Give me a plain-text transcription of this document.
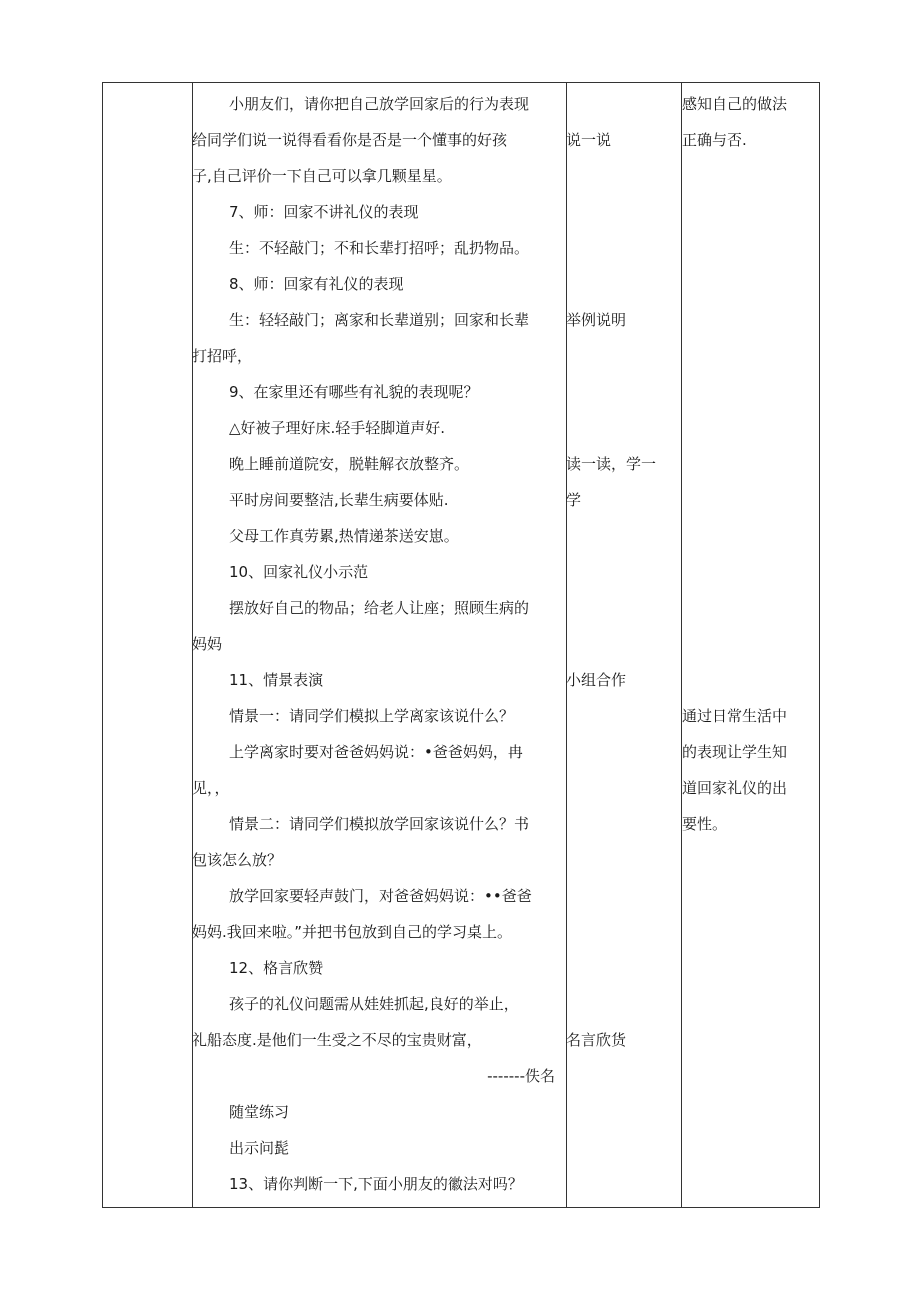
小朋友们，请你把自己放学回家后的行为表现
给同学们说一说得看看你是否是一个懂事的好孩
子,自己评价一下自己可以拿几颗星星。
7、师：回家不讲礼仪的表现
生：不轻敲门；不和长辈打招呼；乱扔物品。
8、师：回家有礼仪的表现
生：轻轻敲门；离家和长辈道别；回家和长辈
打招呼，
9、在家里还有哪些有礼貌的表现呢？
△好被子理好床.轻手轻脚道声好.
晚上睡前道院安，脱鞋解衣放整齐。
平时房间要整洁,长辈生病要体贴.
父母工作真劳累,热情递茶送安崽。
10、回家礼仪小示范
摆放好自己的物品；给老人让座；照顾生病的
妈妈
11、情景表演
情景一：请同学们模拟上学离家该说什么？
上学离家时要对爸爸妈妈说：•爸爸妈妈，冉
见，，
情景二：请同学们模拟放学回家该说什么？书
包该怎么放？
放学回家要轻声鼓门，对爸爸妈妈说：••爸爸
妈妈.我回来啦。”并把书包放到自己的学习桌上。
12、格言欣赞
孩子的礼仪问题需从娃娃抓起,良好的举止，
礼船态度.是他们一生受之不尽的宝贵财富，
-------佚名
随堂练习
出示问髭
13、请你判断一下,下面小朋友的徽法对吗？
说一说
举例说明
读一读，学一
学
小组合作
名言欣货
感知自己的做法
正确与否.
通过日常生活中
的表现让学生知
道回家礼仪的出
要性。
